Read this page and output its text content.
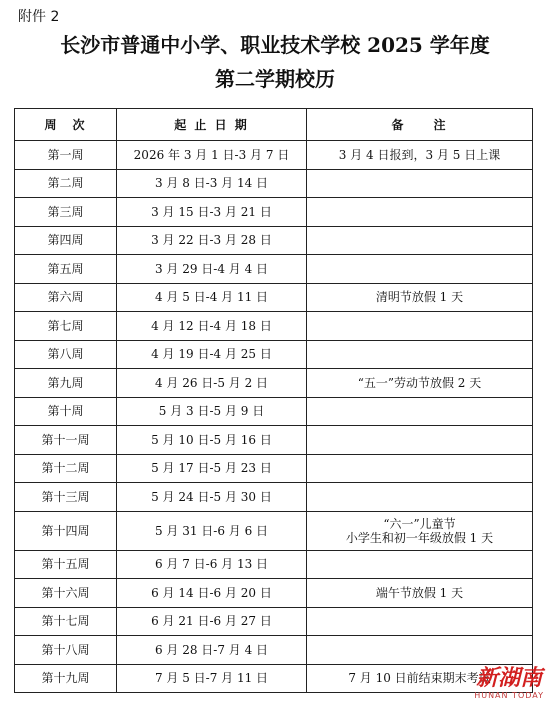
附件 2
长沙市普通中小学、职业技术学校 2025 学年度
第二学期校历
周　次	起 止 日 期	备　　注
第一周	2026 年 3 月 1 日-3 月 7 日	3 月 4 日报到，3 月 5 日上课

第二周	3 月 8 日-3 月 14 日	

第三周	3 月 15 日-3 月 21 日	

第四周	3 月 22 日-3 月 28 日	

第五周	3 月 29 日-4 月 4 日	

第六周	4 月 5 日-4 月 11 日	清明节放假 1 天

第七周	4 月 12 日-4 月 18 日	

第八周	4 月 19 日-4 月 25 日	

第九周	4 月 26 日-5 月 2 日	“五一”劳动节放假 2 天

第十周	5 月 3 日-5 月 9 日	

第十一周	5 月 10 日-5 月 16 日	

第十二周	5 月 17 日-5 月 23 日	

第十三周	5 月 24 日-5 月 30 日	

第十四周	5 月 31 日-6 月 6 日	“六一”儿童节
小学生和初一年级放假 1 天

第十五周	6 月 7 日-6 月 13 日	

第十六周	6 月 14 日-6 月 20 日	端午节放假 1 天

第十七周	6 月 21 日-6 月 27 日	

第十八周	6 月 28 日-7 月 4 日	

第十九周	7 月 5 日-7 月 11 日	7 月 10 日前结束期末考试
新湖南
HUNAN TODAY
